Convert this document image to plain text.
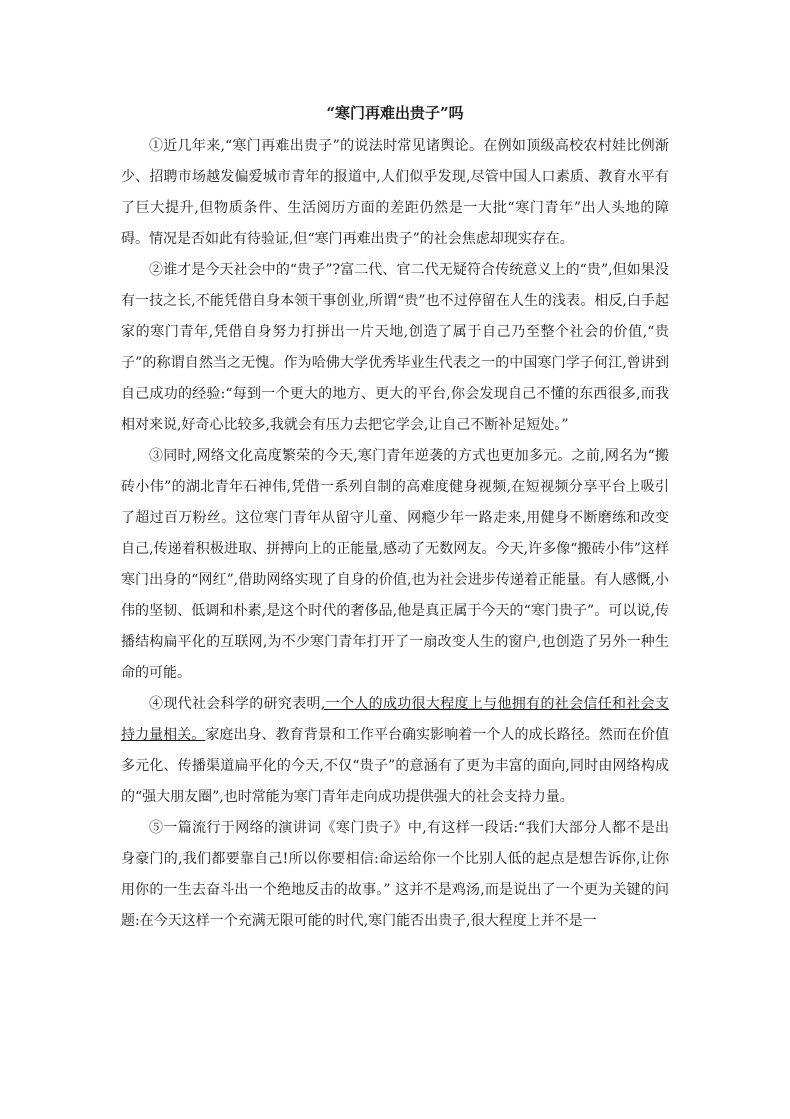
“寒门再难出贵子”吗

①近几年来,“寒门再难出贵子”的说法时常见诸舆论。在例如顶级高校农村娃比例渐少、招聘市场越发偏爱城市青年的报道中,人们似乎发现,尽管中国人口素质、教育水平有了巨大提升,但物质条件、生活阅历方面的差距仍然是一大批“寒门青年”出人头地的障碍。情况是否如此有待验证,但“寒门再难出贵子”的社会焦虑却现实存在。

②谁才是今天社会中的“贵子”?富二代、官二代无疑符合传统意义上的“贵”,但如果没有一技之长,不能凭借自身本领干事创业,所谓“贵”也不过停留在人生的浅表。相反,白手起家的寒门青年,凭借自身努力打拼出一片天地,创造了属于自己乃至整个社会的价值,“贵子”的称谓自然当之无愧。作为哈佛大学优秀毕业生代表之一的中国寒门学子何江,曾讲到自己成功的经验:“每到一个更大的地方、更大的平台,你会发现自己不懂的东西很多,而我相对来说,好奇心比较多,我就会有压力去把它学会,让自己不断补足短处。”

③同时,网络文化高度繁荣的今天,寒门青年逆袭的方式也更加多元。之前,网名为“搬砖小伟”的湖北青年石神伟,凭借一系列自制的高难度健身视频,在短视频分享平台上吸引了超过百万粉丝。这位寒门青年从留守儿童、网瘾少年一路走来,用健身不断磨练和改变自己,传递着积极进取、拼搏向上的正能量,感动了无数网友。今天,许多像“搬砖小伟”这样寒门出身的“网红”,借助网络实现了自身的价值,也为社会进步传递着正能量。有人感慨,小伟的坚韧、低调和朴素,是这个时代的奢侈品,他是真正属于今天的“寒门贵子”。可以说,传播结构扁平化的互联网,为不少寒门青年打开了一扇改变人生的窗户,也创造了另外一种生命的可能。

④现代社会科学的研究表明,一个人的成功很大程度上与他拥有的社会信任和社会支持力量相关。家庭出身、教育背景和工作平台确实影响着一个人的成长路径。然而在价值多元化、传播渠道扁平化的今天,不仅“贵子”的意涵有了更为丰富的面向,同时由网络构成的“强大朋友圈”,也时常能为寒门青年走向成功提供强大的社会支持力量。

⑤一篇流行于网络的演讲词《寒门贵子》中,有这样一段话:“我们大部分人都不是出身豪门的,我们都要靠自己!所以你要相信:命运给你一个比别人低的起点是想告诉你,让你用你的一生去奋斗出一个绝地反击的故事。” 这并不是鸡汤,而是说出了一个更为关键的问题:在今天这样一个充满无限可能的时代,寒门能否出贵子,很大程度上并不是一
